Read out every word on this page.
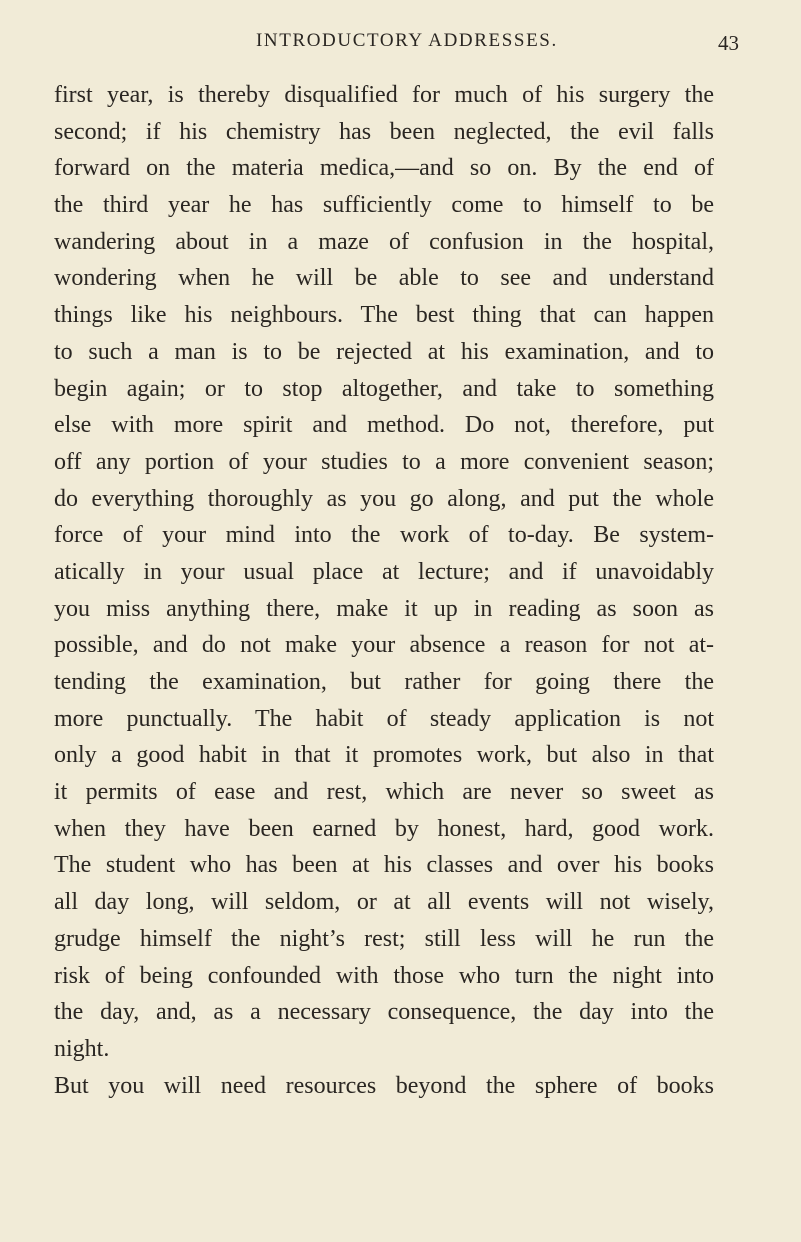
INTRODUCTORY ADDRESSES.	43
first year, is thereby disqualified for much of his surgery the
second; if his chemistry has been neglected, the evil falls
forward on the materia medica,—and so on. By the end of
the third year he has sufficiently come to himself to be
wandering about in a maze of confusion in the hospital,
wondering when he will be able to see and understand
things like his neighbours. The best thing that can happen
to such a man is to be rejected at his examination, and to
begin again; or to stop altogether, and take to something
else with more spirit and method. Do not, therefore, put
off any portion of your studies to a more convenient season;
do everything thoroughly as you go along, and put the whole
force of your mind into the work of to-day. Be system-
atically in your usual place at lecture; and if unavoidably
you miss anything there, make it up in reading as soon as
possible, and do not make your absence a reason for not at-
tending the examination, but rather for going there the
more punctually. The habit of steady application is not
only a good habit in that it promotes work, but also in that
it permits of ease and rest, which are never so sweet as
when they have been earned by honest, hard, good work.
The student who has been at his classes and over his books
all day long, will seldom, or at all events will not wisely,
grudge himself the night’s rest; still less will he run the
risk of being confounded with those who turn the night into
the day, and, as a necessary consequence, the day into the
night.
But you will need resources beyond the sphere of books
